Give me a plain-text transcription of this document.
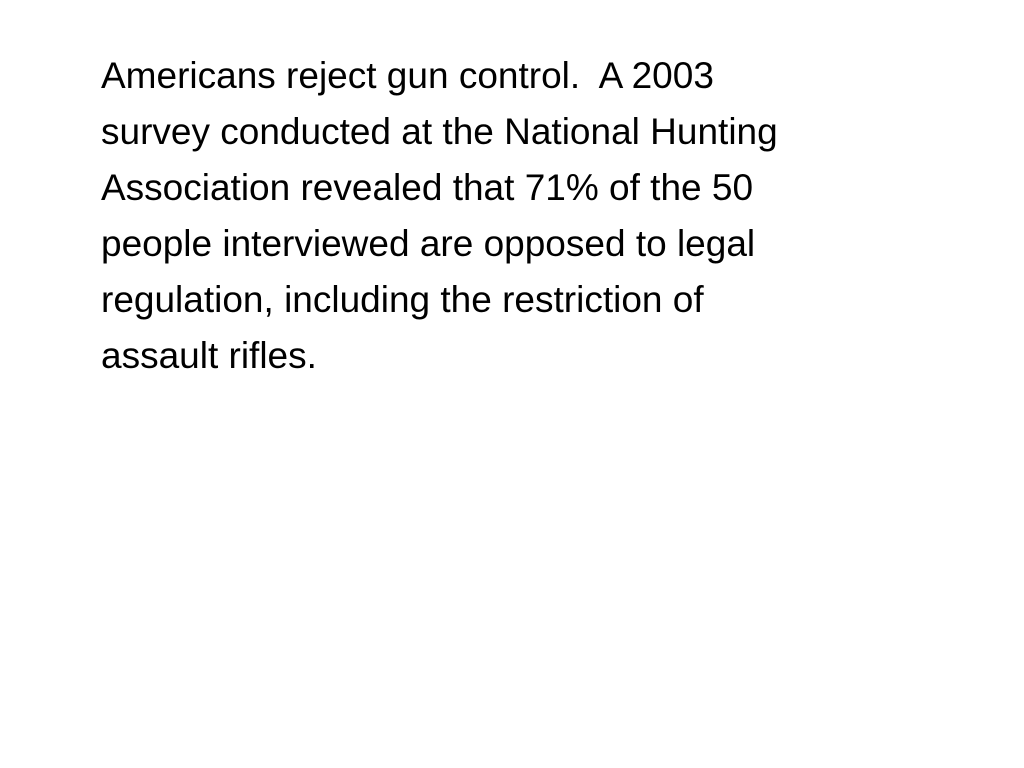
Americans reject gun control.  A 2003
survey conducted at the National Hunting
Association revealed that 71% of the 50
people interviewed are opposed to legal
regulation, including the restriction of
assault rifles.
